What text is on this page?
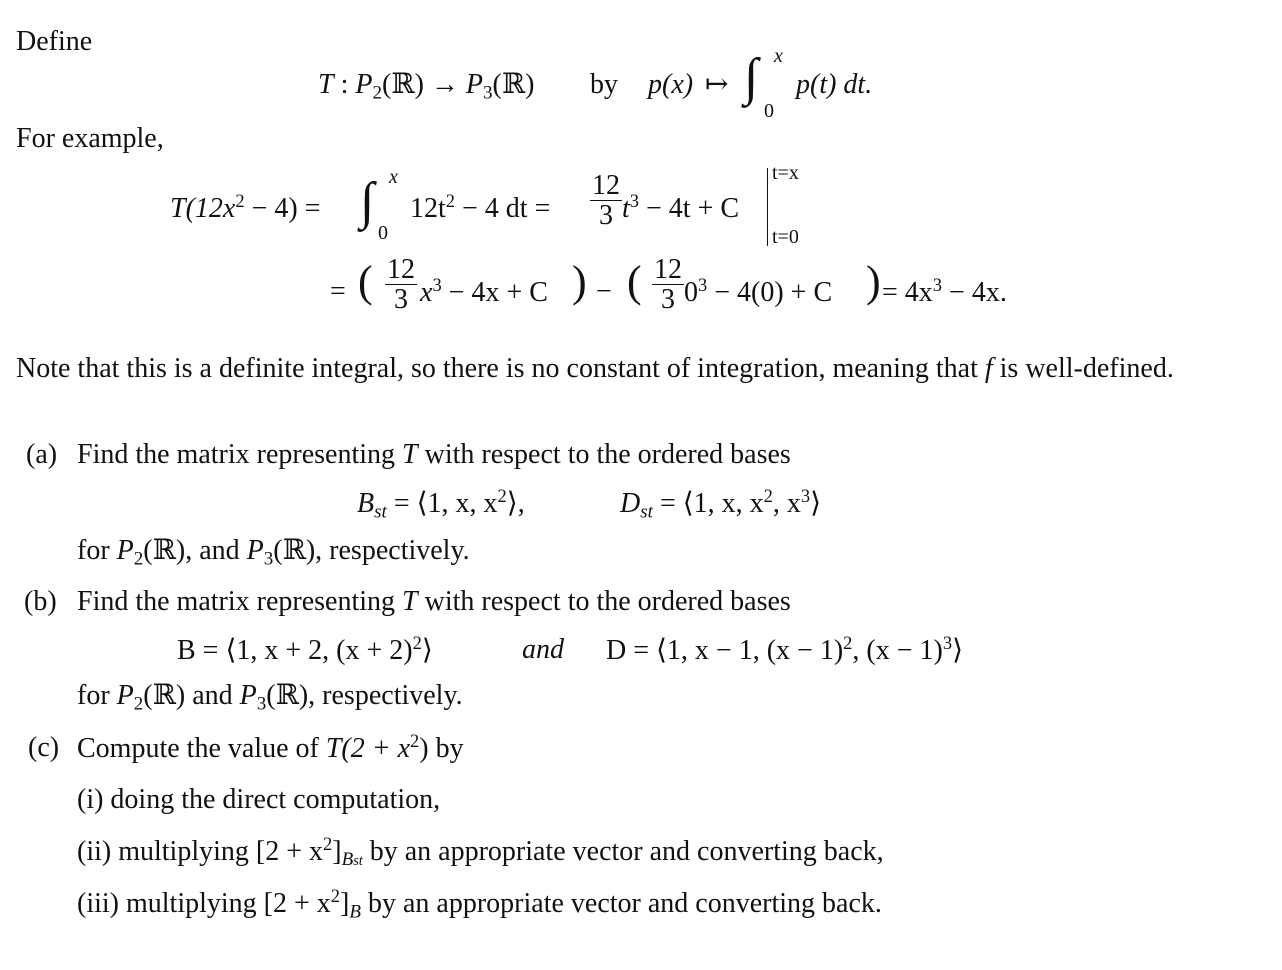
Define
T : $P_2(ℝ)$ → $P_3(ℝ)$ by p(x) ↦ ∫ x
0
p(t) dt.
For example,
$T(12x^2 - 4)$ = ∫ x
0
$12t^2 - 4$ dt = $\frac{12}{3} t^3 - 4t + C$
t=x
t=0
= ( $\frac{12}{3} x^3 - 4x + C$ ) − ( $\frac{12}{3} 0^3 - 4(0) + C$ ) = $4x^3 - 4x$.
Note that this is a definite integral, so there is no constant of integration, meaning that f is well-defined.
(a) Find the matrix representing T with respect to the ordered bases
$B_{st}$ = ⟨1, x, $x^2⟩$,	$D_{st}$ = ⟨1, x, $x^2$, $x^3⟩$
for $P_2(ℝ)$, and $P_3(ℝ)$, respectively.
(b) Find the matrix representing T with respect to the ordered bases
B = ⟨1, x + 2, $(x + 2)^2⟩$	and D = ⟨1, x − 1, $(x - 1)^2$, $(x - 1)^3⟩$
for $P_2(ℝ)$ and $P_3(ℝ)$, respectively.
(c) Compute the value of $T(2 + x^2)$ by
(i) doing the direct computation,
(ii) multiplying $[2 + x^2]_{Bst}$ by an appropriate vector and converting back,
(iii) multiplying $[2 + x^2]_B$ by an appropriate vector and converting back.
